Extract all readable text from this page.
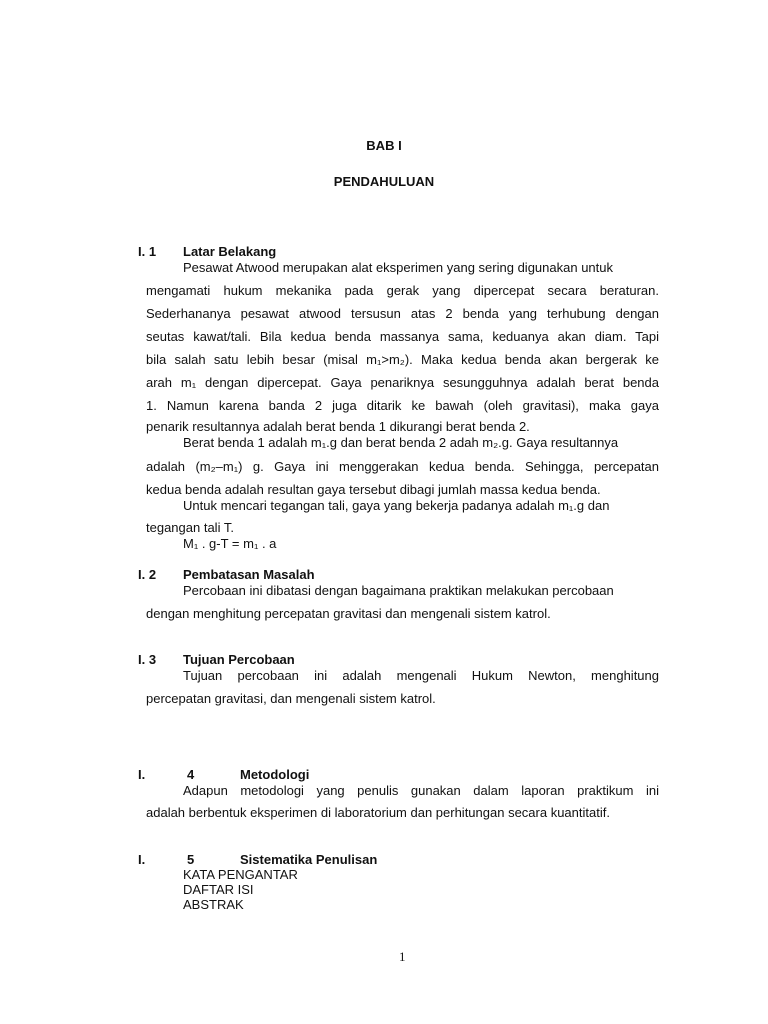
BAB I
PENDAHULUAN
I. 1 Latar Belakang
Pesawat Atwood merupakan alat eksperimen yang sering digunakan untuk
mengamati hukum mekanika pada gerak yang dipercepat secara beraturan.
Sederhananya pesawat atwood tersusun atas 2 benda yang terhubung dengan
seutas kawat/tali. Bila kedua benda massanya sama, keduanya akan diam. Tapi
bila salah satu lebih besar (misal m₁>m₂). Maka kedua benda akan bergerak ke
arah m₁ dengan dipercepat. Gaya penariknya sesungguhnya adalah berat benda
1. Namun karena banda 2 juga ditarik ke bawah (oleh gravitasi), maka gaya
penarik resultannya adalah berat benda 1 dikurangi berat benda 2.
Berat benda 1 adalah m₁.g dan berat benda 2 adah m₂.g. Gaya resultannya
adalah (m₂–m₁) g. Gaya ini menggerakan kedua benda. Sehingga, percepatan
kedua benda adalah resultan gaya tersebut dibagi jumlah massa kedua benda.
Untuk mencari tegangan tali, gaya yang bekerja padanya adalah m₁.g dan
tegangan tali T.
M₁ . g-T = m₁ . a
I. 2 Pembatasan Masalah
Percobaan ini dibatasi dengan bagaimana praktikan melakukan percobaan
dengan menghitung percepatan gravitasi dan mengenali sistem katrol.
I. 3 Tujuan Percobaan
Tujuan percobaan ini adalah mengenali Hukum Newton, menghitung
percepatan gravitasi, dan mengenali sistem katrol.
I.	4	Metodologi
Adapun metodologi yang penulis gunakan dalam laporan praktikum ini
adalah berbentuk eksperimen di laboratorium dan perhitungan secara kuantitatif.
I.	5	Sistematika Penulisan
KATA PENGANTAR
DAFTAR ISI
ABSTRAK
1
